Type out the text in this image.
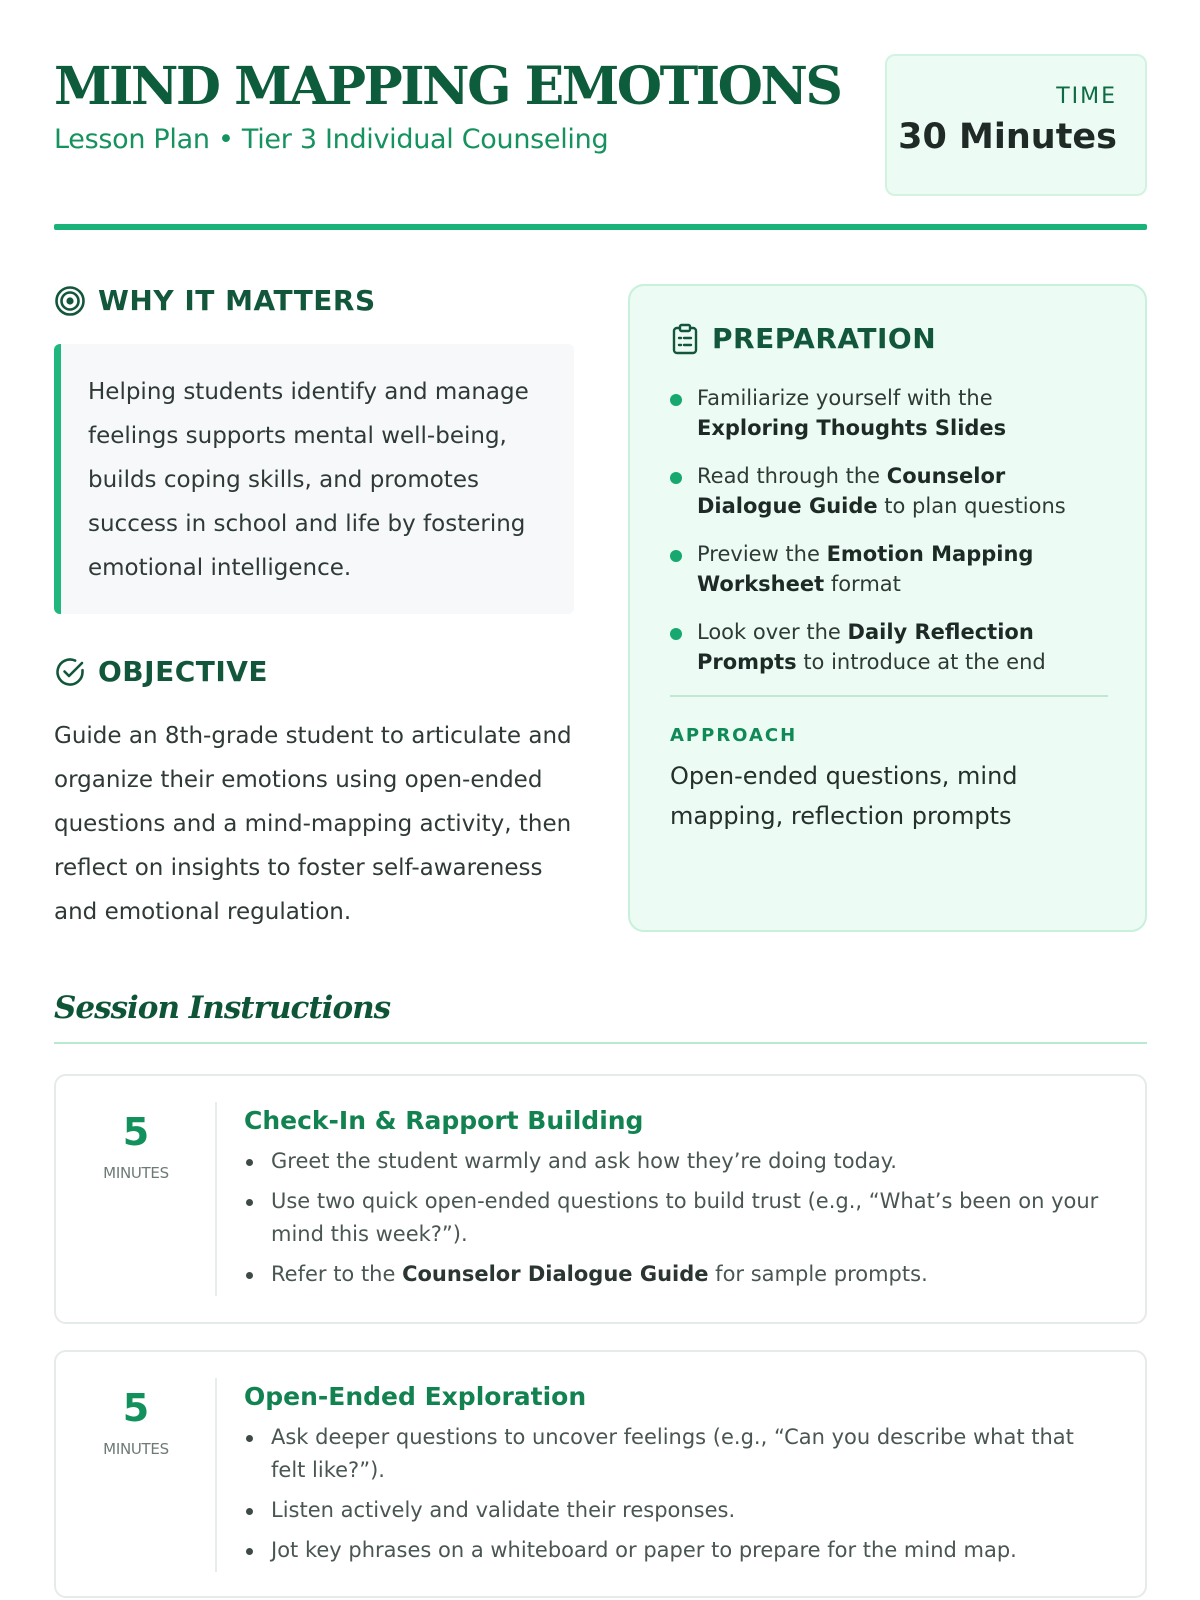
MIND MAPPING EMOTIONS
Lesson Plan • Tier 3 Individual Counseling
TIME
30 Minutes
WHY IT MATTERS
Helping students identify and manage feelings supports mental well-being, builds coping skills, and promotes success in school and life by fostering emotional intelligence.
OBJECTIVE
Guide an 8th-grade student to articulate and organize their emotions using open-ended questions and a mind-mapping activity, then reflect on insights to foster self-awareness and emotional regulation.
PREPARATION
Familiarize yourself with the Exploring Thoughts Slides
Read through the Counselor Dialogue Guide to plan questions
Preview the Emotion Mapping Worksheet format
Look over the Daily Reflection Prompts to introduce at the end
APPROACH
Open-ended questions, mind mapping, reflection prompts
Session Instructions
5
MINUTES
Check-In & Rapport Building
Greet the student warmly and ask how they’re doing today.
Use two quick open-ended questions to build trust (e.g., “What’s been on your mind this week?”).
Refer to the Counselor Dialogue Guide for sample prompts.
5
MINUTES
Open-Ended Exploration
Ask deeper questions to uncover feelings (e.g., “Can you describe what that felt like?”).
Listen actively and validate their responses.
Jot key phrases on a whiteboard or paper to prepare for the mind map.
